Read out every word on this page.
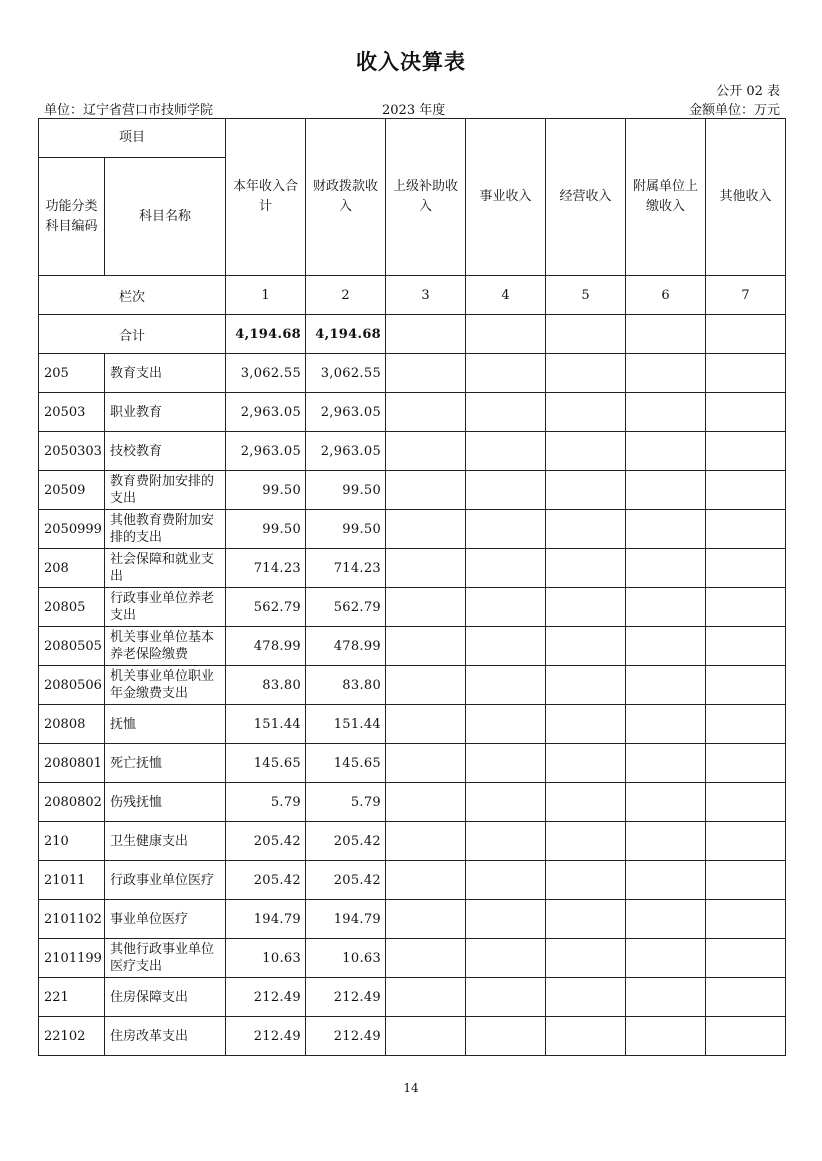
收入决算表
公开 02 表
单位：辽宁省营口市技师学院	2023 年度	金额单位：万元
项目		本年收入合计	财政拨款收入	上级补助收入	事业收入	经营收入	附属单位上缴收入	其他收入
功能分类科目编码	科目名称							
栏次		1	2	3	4	5	6	7
合计		4,194.68	4,194.68					
205	教育支出	3,062.55	3,062.55					
20503	职业教育	2,963.05	2,963.05					
2050303	技校教育	2,963.05	2,963.05					
20509	教育费附加安排的支出	99.50	99.50					
2050999	其他教育费附加安排的支出	99.50	99.50					
208	社会保障和就业支出	714.23	714.23					
20805	行政事业单位养老支出	562.79	562.79					
2080505	机关事业单位基本养老保险缴费	478.99	478.99					
2080506	机关事业单位职业年金缴费支出	83.80	83.80					
20808	抚恤	151.44	151.44					
2080801	死亡抚恤	145.65	145.65					
2080802	伤残抚恤	5.79	5.79					
210	卫生健康支出	205.42	205.42					
21011	行政事业单位医疗	205.42	205.42					
2101102	事业单位医疗	194.79	194.79					
2101199	其他行政事业单位医疗支出	10.63	10.63					
221	住房保障支出	212.49	212.49					
22102	住房改革支出	212.49	212.49					
14
